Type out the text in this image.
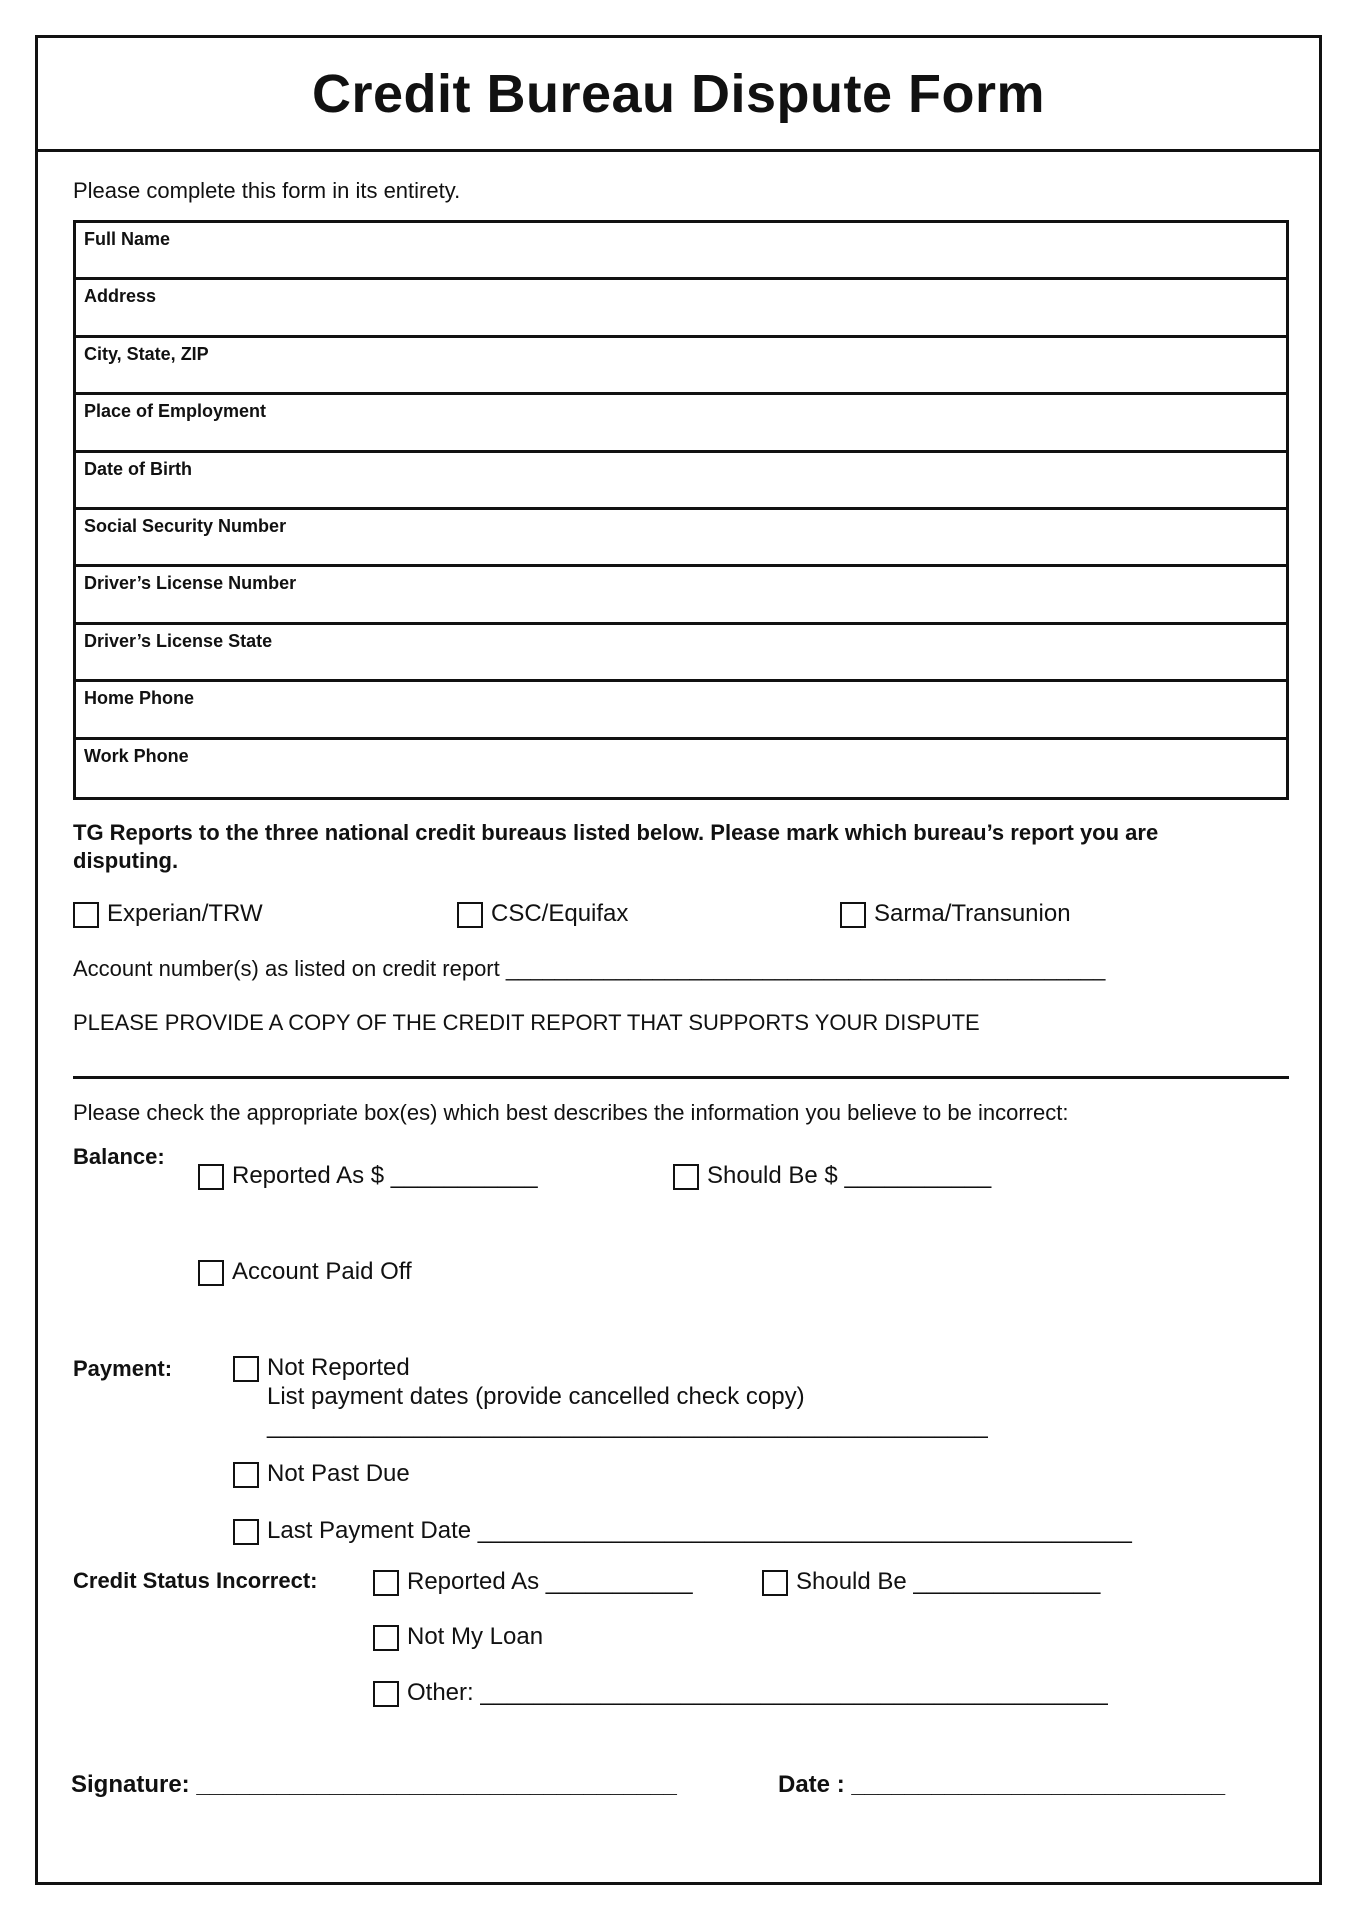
Credit Bureau Dispute Form
Please complete this form in its entirety.
Full Name
Address
City, State, ZIP
Place of Employment
Date of Birth
Social Security Number
Driver’s License Number
Driver’s License State
Home Phone
Work Phone
TG Reports to the three national credit bureaus listed below. Please mark which bureau’s report you are
disputing.
Experian/TRW	CSC/Equifax	Sarma/Transunion
Account number(s) as listed on credit report _________________________________________________
PLEASE PROVIDE A COPY OF THE CREDIT REPORT THAT SUPPORTS YOUR DISPUTE
Please check the appropriate box(es) which best describes the information you believe to be incorrect:
Balance:
Reported As $ ___________	Should Be $ ___________
Account Paid Off
Payment:	Not Reported
List payment dates (provide cancelled check copy)
______________________________________________________
Not Past Due
Last Payment Date _________________________________________________
Credit Status Incorrect:	Reported As ___________	Should Be ______________
Not My Loan
Other: _______________________________________________
Signature: ____________________________________	Date : ____________________________
